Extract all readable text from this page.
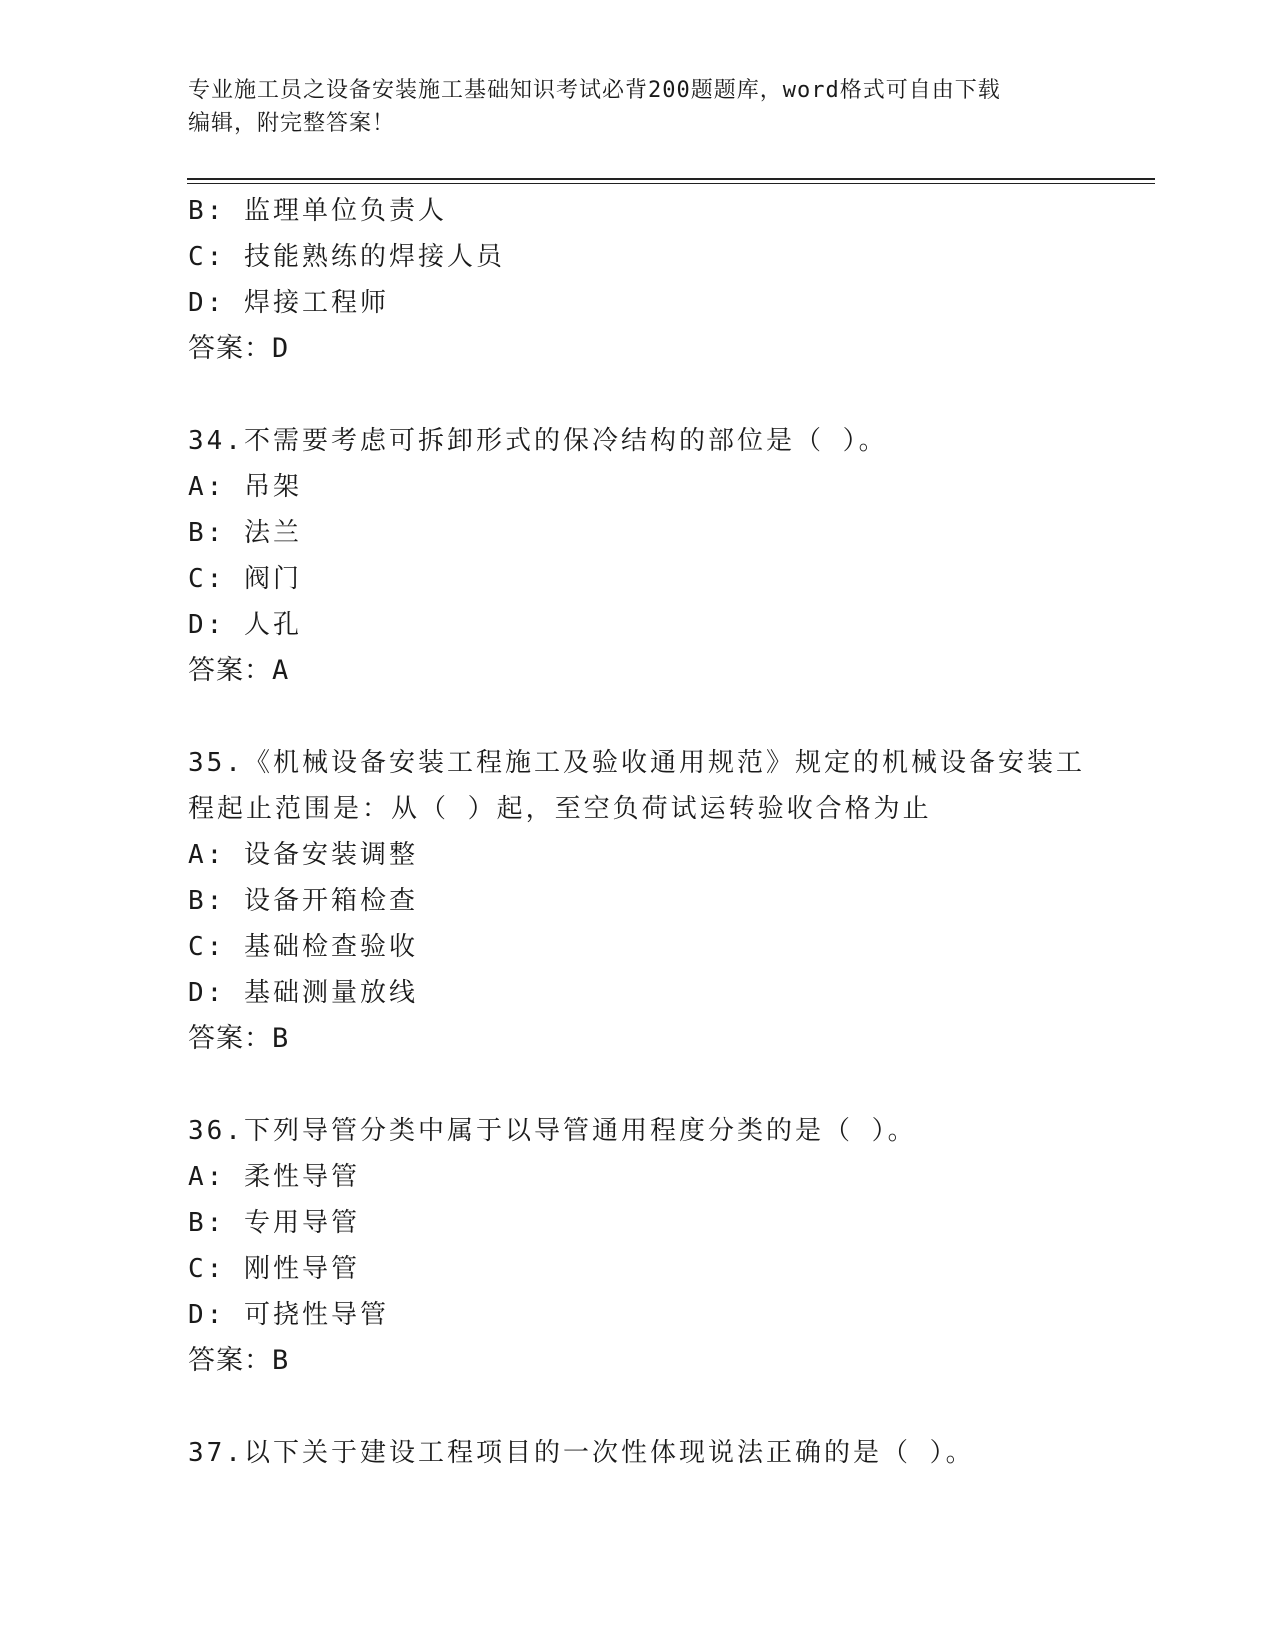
专业施工员之设备安装施工基础知识考试必背200题题库，word格式可自由下载
编辑，附完整答案！
B: 监理单位负责人
C: 技能熟练的焊接人员
D: 焊接工程师
答案：D
34.不需要考虑可拆卸形式的保冷结构的部位是（ ）。
A: 吊架
B: 法兰
C: 阀门
D: 人孔
答案：A
35.《机械设备安装工程施工及验收通用规范》规定的机械设备安装工
程起止范围是：从（ ）起，至空负荷试运转验收合格为止
A: 设备安装调整
B: 设备开箱检查
C: 基础检查验收
D: 基础测量放线
答案：B
36.下列导管分类中属于以导管通用程度分类的是（ ）。
A: 柔性导管
B: 专用导管
C: 刚性导管
D: 可挠性导管
答案：B
37.以下关于建设工程项目的一次性体现说法正确的是（ ）。
